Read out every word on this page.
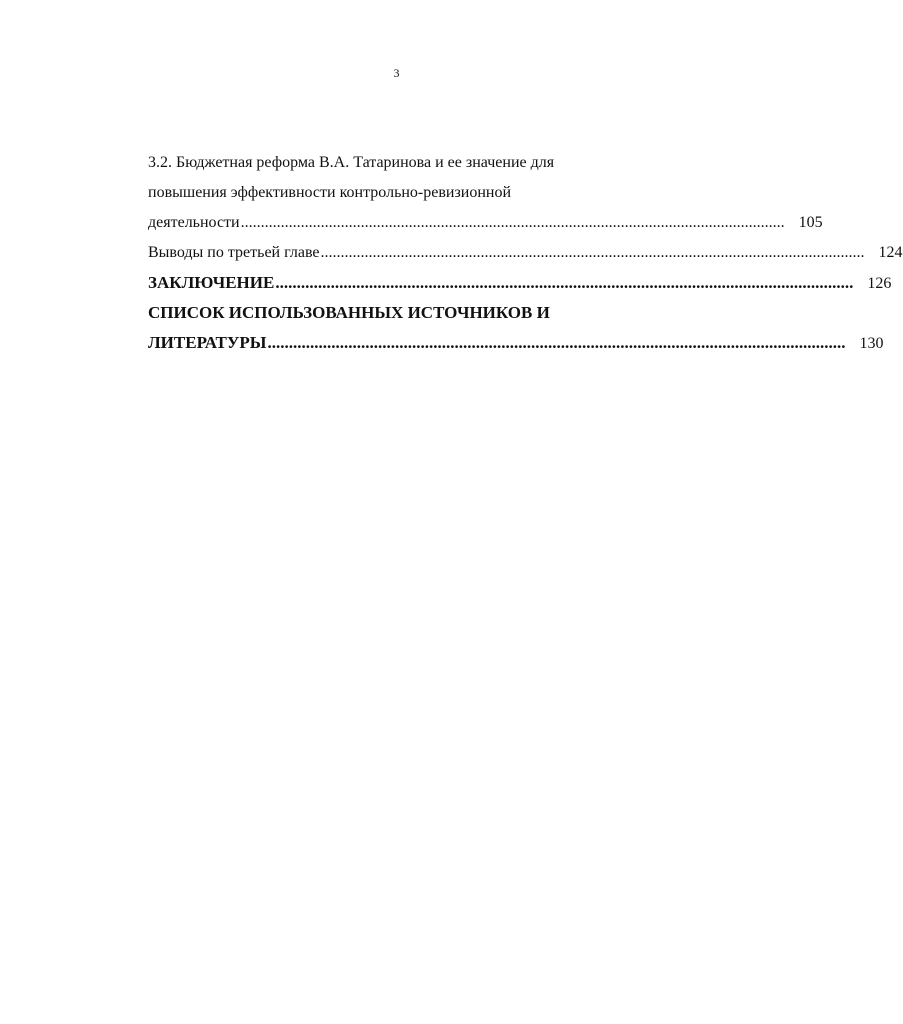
3
3.2. Бюджетная реформа В.А. Татаринова и ее значение для
повышения эффективности контрольно-ревизионной
деятельности ........................................................................................................................................ 105
Выводы по третьей главе ........................................................................................................................................ 124
ЗАКЛЮЧЕНИЕ ........................................................................................................................................ 126
СПИСОК ИСПОЛЬЗОВАННЫХ ИСТОЧНИКОВ И
ЛИТЕРАТУРЫ ........................................................................................................................................ 130
